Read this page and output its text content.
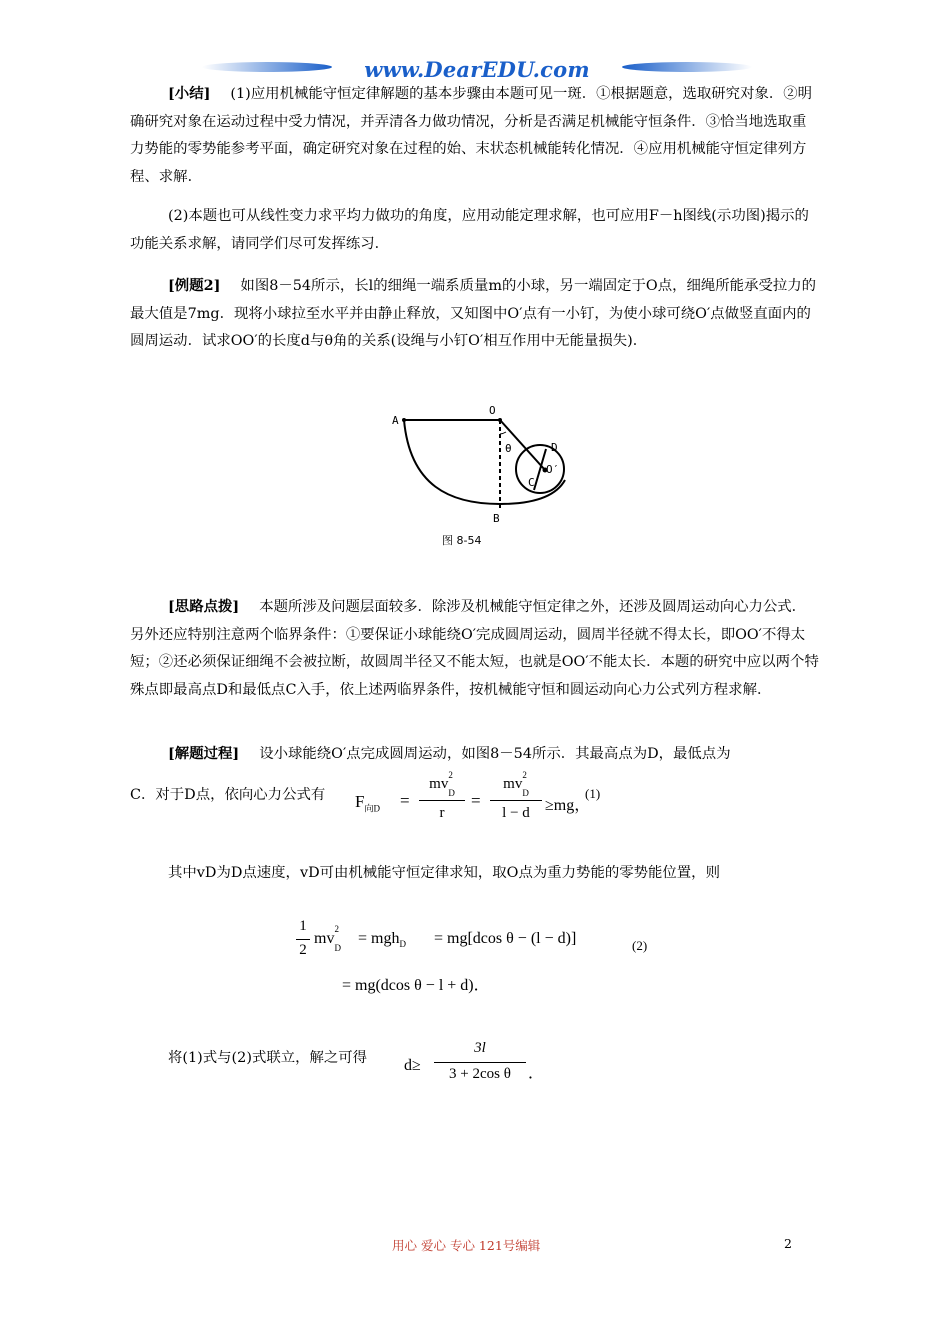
www.DearEDU.com
[小结] (1)应用机械能守恒定律解题的基本步骤由本题可见一斑．①根据题意，选取研究对象．②明确研究对象在运动过程中受力情况，并弄清各力做功情况，分析是否满足机械能守恒条件．③恰当地选取重力势能的零势能参考平面，确定研究对象在过程的始、末状态机械能转化情况．④应用机械能守恒定律列方程、求解．
(2)本题也可从线性变力求平均力做功的角度，应用动能定理求解，也可应用F－h图线(示功图)揭示的功能关系求解，请同学们尽可发挥练习．
[例题2] 如图8－54所示，长l的细绳一端系质量m的小球，另一端固定于O点，细绳所能承受拉力的最大值是7mg．现将小球拉至水平并由静止释放，又知图中O′点有一小钉，为使小球可绕O′点做竖直面内的圆周运动．试求OO′的长度d与θ角的关系(设绳与小钉O′相互作用中无能量损失)．
A
O
θ	D
O′
C
B
图 8-54
[思路点拨] 本题所涉及问题层面较多．除涉及机械能守恒定律之外，还涉及圆周运动向心力公式．另外还应特别注意两个临界条件：①要保证小球能绕O′完成圆周运动，圆周半径就不得太长，即OO′不得太短；②还必须保证细绳不会被拉断，故圆周半径又不能太短，也就是OO′不能太长．本题的研究中应以两个特殊点即最高点D和最低点C入手，依上述两临界条件，按机械能守恒和圆运动向心力公式列方程求解．
[解题过程] 设小球能绕O′点完成圆周运动，如图8－54所示．其最高点为D，最低点为
C．对于D点，依向心力公式有	$F_{向D}$ =
mv
2
$_D$
r
=
mv
2
$_D$
l − d ≥mg，
(1)
其中vD为D点速度，vD可由机械能守恒定律求知，取O点为重力势能的零势能位置，则
1
2
mv
2
$_D$
= mgh$_D$ = mg[dcos θ − (l − d)]	(2)
= mg(dcos θ − l + d)．
将(1)式与(2)式联立，解之可得	d≥
3l
3 + 2cos θ	．
用心 爱心 专心 121号编辑	2
